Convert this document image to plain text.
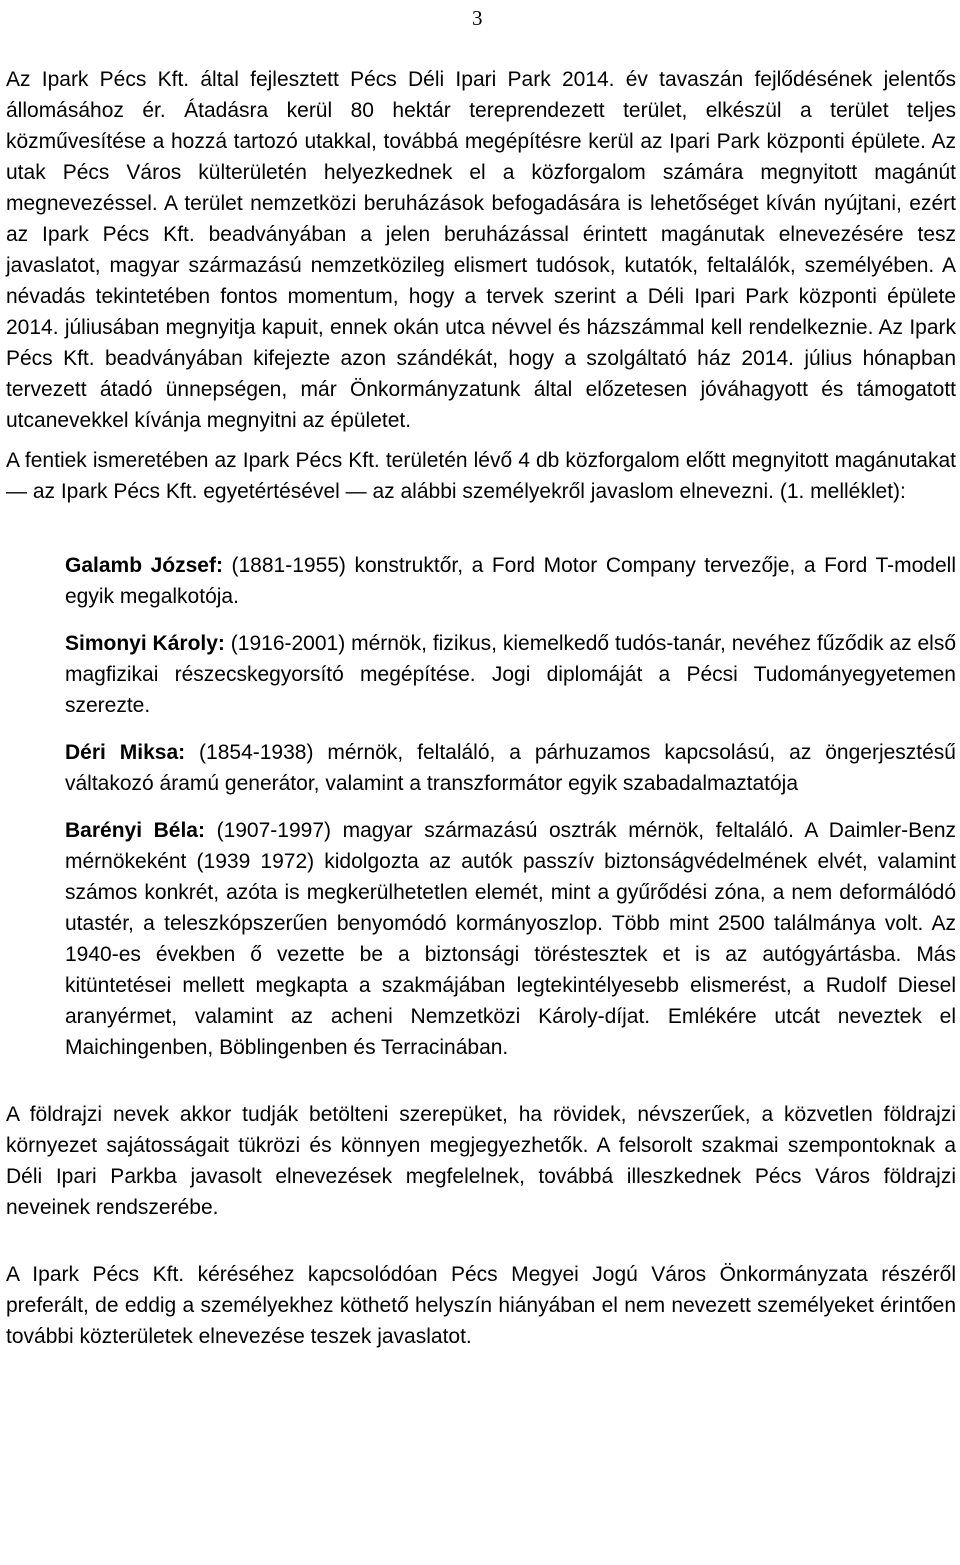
3

Az Ipark Pécs Kft. által fejlesztett Pécs Déli Ipari Park 2014. év tavaszán fejlődésének jelentős állomásához ér. Átadásra kerül 80 hektár tereprendezett terület, elkészül a terület teljes közművesítése a hozzá tartozó utakkal, továbbá megépítésre kerül az Ipari Park központi épülete. Az utak Pécs Város külterületén helyezkednek el a közforgalom számára megnyitott magánút megnevezéssel. A terület nemzetközi beruházások befogadására is lehetőséget kíván nyújtani, ezért az Ipark Pécs Kft. beadványában a jelen beruházással érintett magánutak elnevezésére tesz javaslatot, magyar származású nemzetközileg elismert tudósok, kutatók, feltalálók, személyében. A névadás tekintetében fontos momentum, hogy a tervek szerint a Déli Ipari Park központi épülete 2014. júliusában megnyitja kapuit, ennek okán utca névvel és házszámmal kell rendelkeznie. Az Ipark Pécs Kft. beadványában kifejezte azon szándékát, hogy a szolgáltató ház 2014. július hónapban tervezett átadó ünnepségen, már Önkormányzatunk által előzetesen jóváhagyott és támogatott utcanevekkel kívánja megnyitni az épületet.

A fentiek ismeretében az Ipark Pécs Kft. területén lévő 4 db közforgalom előtt megnyitott magánutakat — az Ipark Pécs Kft. egyetértésével — az alábbi személyekről javaslom elnevezni. (1. melléklet):

Galamb József: (1881-1955) konstruktőr, a Ford Motor Company tervezője, a Ford T-modell egyik megalkotója.

Simonyi Károly: (1916-2001) mérnök, fizikus, kiemelkedő tudós-tanár, nevéhez fűződik az első magfizikai részecskegyorsító megépítése. Jogi diplomáját a Pécsi Tudományegyetemen szerezte.

Déri Miksa: (1854-1938) mérnök, feltaláló, a párhuzamos kapcsolású, az öngerjesztésű váltakozó áramú generátor, valamint a transzformátor egyik szabadalmaztatója

Barényi Béla: (1907-1997) magyar származású osztrák mérnök, feltaláló. A Daimler-Benz mérnökeként (1939 1972) kidolgozta az autók passzív biztonságvédelmének elvét, valamint számos konkrét, azóta is megkerülhetetlen elemét, mint a gyűrődési zóna, a nem deformálódó utastér, a teleszkópszerűen benyomódó kormányoszlop. Több mint 2500 találmánya volt. Az 1940-es években ő vezette be a biztonsági töréstesztek et is az autógyártásba. Más kitüntetései mellett megkapta a szakmájában legtekintélyesebb elismerést, a Rudolf Diesel aranyérmet, valamint az acheni Nemzetközi Károly-díjat. Emlékére utcát neveztek el Maichingenben, Böblingenben és Terracinában.

A földrajzi nevek akkor tudják betölteni szerepüket, ha rövidek, névszerűek, a közvetlen földrajzi környezet sajátosságait tükrözi és könnyen megjegyezhetők. A felsorolt szakmai szempontoknak a Déli Ipari Parkba javasolt elnevezések megfelelnek, továbbá illeszkednek Pécs Város földrajzi neveinek rendszerébe.

A Ipark Pécs Kft. kéréséhez kapcsolódóan Pécs Megyei Jogú Város Önkormányzata részéről preferált, de eddig a személyekhez köthető helyszín hiányában el nem nevezett személyeket érintően további közterületek elnevezése teszek javaslatot.
